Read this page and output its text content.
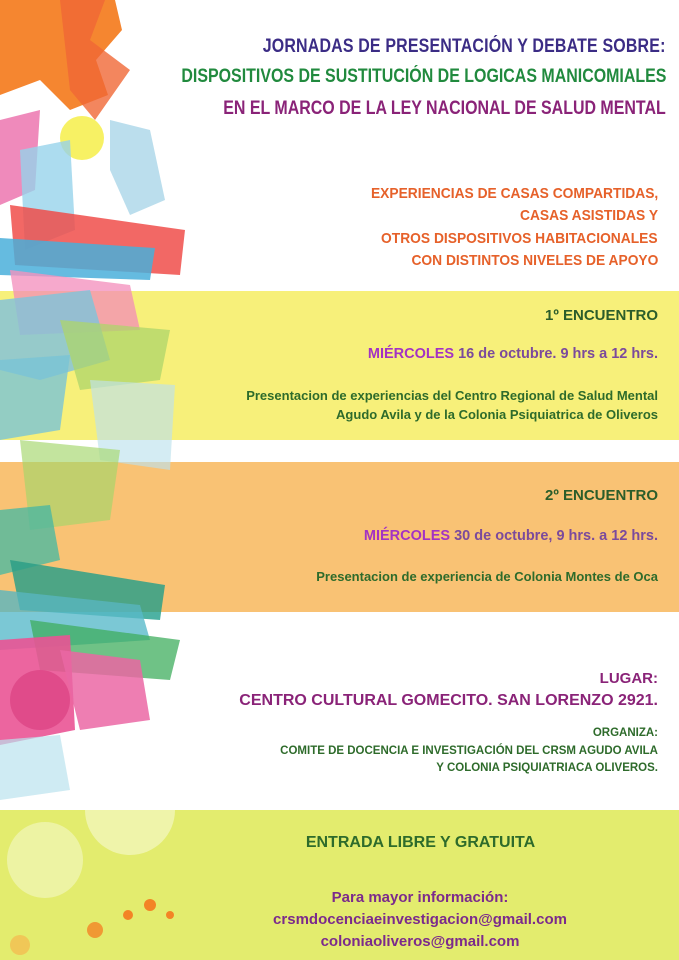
JORNADAS DE PRESENTACIÓN Y DEBATE SOBRE:
DISPOSITIVOS DE SUSTITUCIÓN DE LOGICAS MANICOMIALES
EN EL MARCO DE LA LEY NACIONAL DE SALUD MENTAL
EXPERIENCIAS DE CASAS COMPARTIDAS,
CASAS ASISTIDAS Y
OTROS DISPOSITIVOS HABITACIONALES
CON DISTINTOS NIVELES DE APOYO
1º ENCUENTRO
MIÉRCOLES 16 de octubre. 9 hrs a 12 hrs.
Presentacion de experiencias del Centro Regional de Salud Mental
Agudo Avila y de la Colonia Psiquiatrica de Oliveros
2º ENCUENTRO
MIÉRCOLES 30 de octubre, 9 hrs. a 12 hrs.
Presentacion de experiencia de Colonia Montes de Oca
LUGAR:
CENTRO CULTURAL GOMECITO. SAN LORENZO 2921.
ORGANIZA:
COMITE DE DOCENCIA E INVESTIGACIÓN DEL CRSM AGUDO AVILA
Y COLONIA PSIQUIATRIACA OLIVEROS.
ENTRADA LIBRE Y GRATUITA
Para mayor información:
crsmdocenciaeinvestigacion@gmail.com
coloniaoliveros@gmail.com
